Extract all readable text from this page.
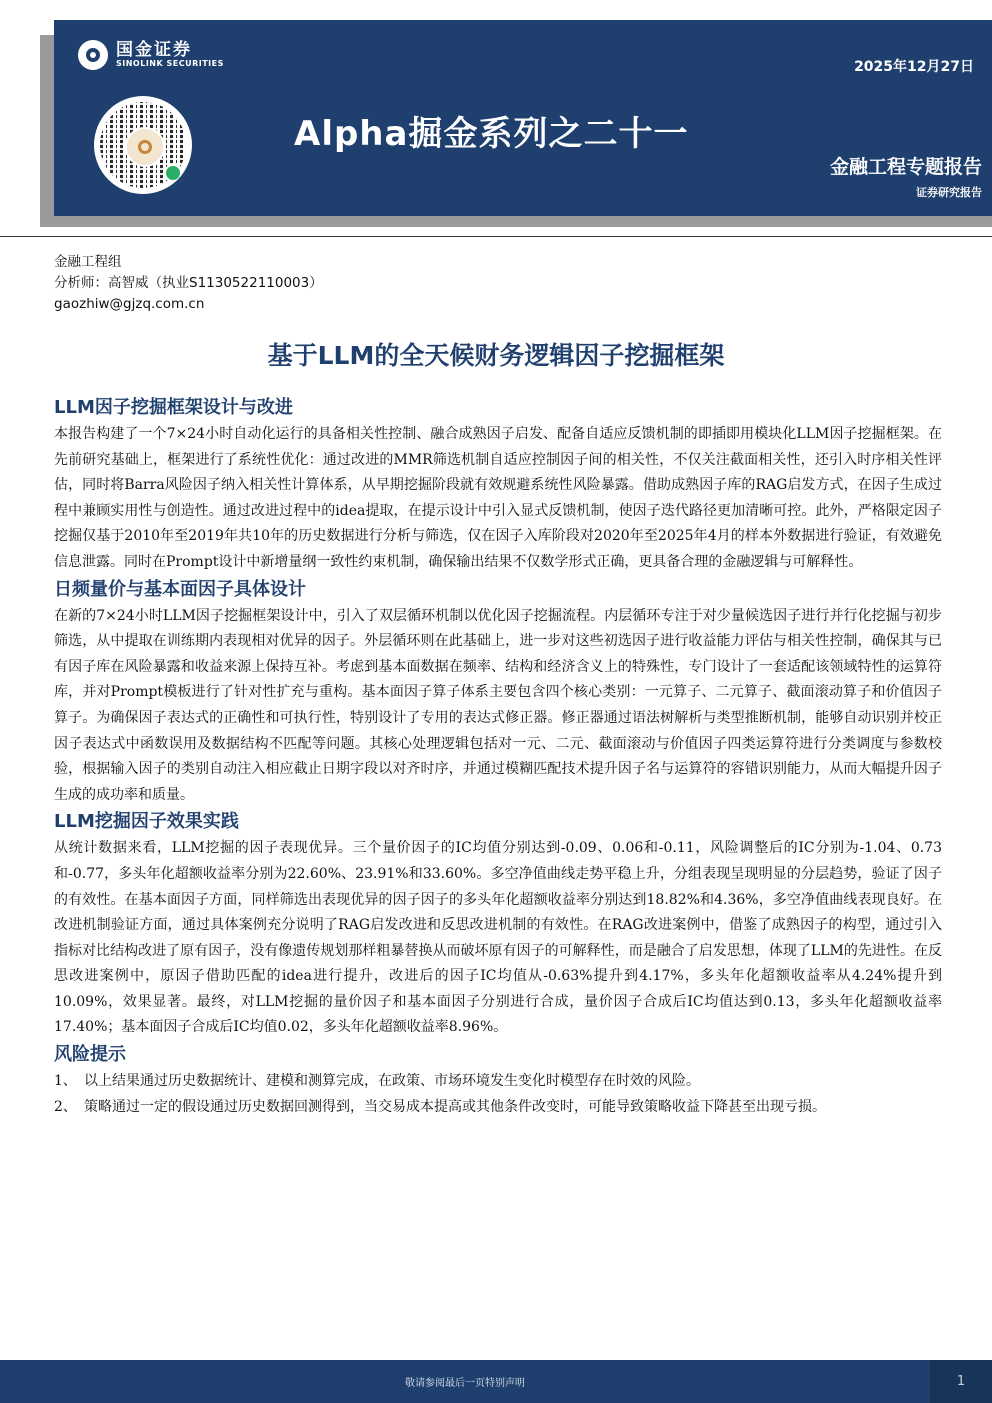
国金证券
SINOLINK SECURITIES	2025年12月27日
Alpha掘金系列之二十一
金融工程专题报告
证券研究报告
金融工程组
分析师：高智威（执业S1130522110003）
gaozhiw@gjzq.com.cn
基于LLM的全天候财务逻辑因子挖掘框架
LLM因子挖掘框架设计与改进

本报告构建了一个7×24小时自动化运行的具备相关性控制、融合成熟因子启发、配备自适应反馈机制的即插即用模块化LLM因子挖掘框架。在先前研究基础上，框架进行了系统性优化：通过改进的MMR筛选机制自适应控制因子间的相关性，不仅关注截面相关性，还引入时序相关性评估，同时将Barra风险因子纳入相关性计算体系，从早期挖掘阶段就有效规避系统性风险暴露。借助成熟因子库的RAG启发方式，在因子生成过程中兼顾实用性与创造性。通过改进过程中的idea提取，在提示设计中引入显式反馈机制，使因子迭代路径更加清晰可控。此外，严格限定因子挖掘仅基于2010年至2019年共10年的历史数据进行分析与筛选，仅在因子入库阶段对2020年至2025年4月的样本外数据进行验证，有效避免信息泄露。同时在Prompt设计中新增量纲一致性约束机制，确保输出结果不仅数学形式正确，更具备合理的金融逻辑与可解释性。

日频量价与基本面因子具体设计

在新的7×24小时LLM因子挖掘框架设计中，引入了双层循环机制以优化因子挖掘流程。内层循环专注于对少量候选因子进行并行化挖掘与初步筛选，从中提取在训练期内表现相对优异的因子。外层循环则在此基础上，进一步对这些初选因子进行收益能力评估与相关性控制，确保其与已有因子库在风险暴露和收益来源上保持互补。考虑到基本面数据在频率、结构和经济含义上的特殊性，专门设计了一套适配该领域特性的运算符库，并对Prompt模板进行了针对性扩充与重构。基本面因子算子体系主要包含四个核心类别：一元算子、二元算子、截面滚动算子和价值因子算子。为确保因子表达式的正确性和可执行性，特别设计了专用的表达式修正器。修正器通过语法树解析与类型推断机制，能够自动识别并校正因子表达式中函数误用及数据结构不匹配等问题。其核心处理逻辑包括对一元、二元、截面滚动与价值因子四类运算符进行分类调度与参数校验，根据输入因子的类别自动注入相应截止日期字段以对齐时序，并通过模糊匹配技术提升因子名与运算符的容错识别能力，从而大幅提升因子生成的成功率和质量。

LLM挖掘因子效果实践

从统计数据来看，LLM挖掘的因子表现优异。三个量价因子的IC均值分别达到-0.09、0.06和-0.11，风险调整后的IC分别为-1.04、0.73和-0.77，多头年化超额收益率分别为22.60%、23.91%和33.60%。多空净值曲线走势平稳上升，分组表现呈现明显的分层趋势，验证了因子的有效性。在基本面因子方面，同样筛选出表现优异的因子因子的多头年化超额收益率分别达到18.82%和4.36%，多空净值曲线表现良好。在改进机制验证方面，通过具体案例充分说明了RAG启发改进和反思改进机制的有效性。在RAG改进案例中，借鉴了成熟因子的构型，通过引入指标对比结构改进了原有因子，没有像遗传规划那样粗暴替换从而破坏原有因子的可解释性，而是融合了启发思想，体现了LLM的先进性。在反思改进案例中，原因子借助匹配的idea进行提升，改进后的因子IC均值从-0.63%提升到4.17%，多头年化超额收益率从4.24%提升到10.09%，效果显著。最终，对LLM挖掘的量价因子和基本面因子分别进行合成，量价因子合成后IC均值达到0.13，多头年化超额收益率17.40%；基本面因子合成后IC均值0.02，多头年化超额收益率8.96%。

风险提示
1、 以上结果通过历史数据统计、建模和测算完成，在政策、市场环境发生变化时模型存在时效的风险。
2、 策略通过一定的假设通过历史数据回测得到，当交易成本提高或其他条件改变时，可能导致策略收益下降甚至出现亏损。
敬请参阅最后一页特别声明	1
